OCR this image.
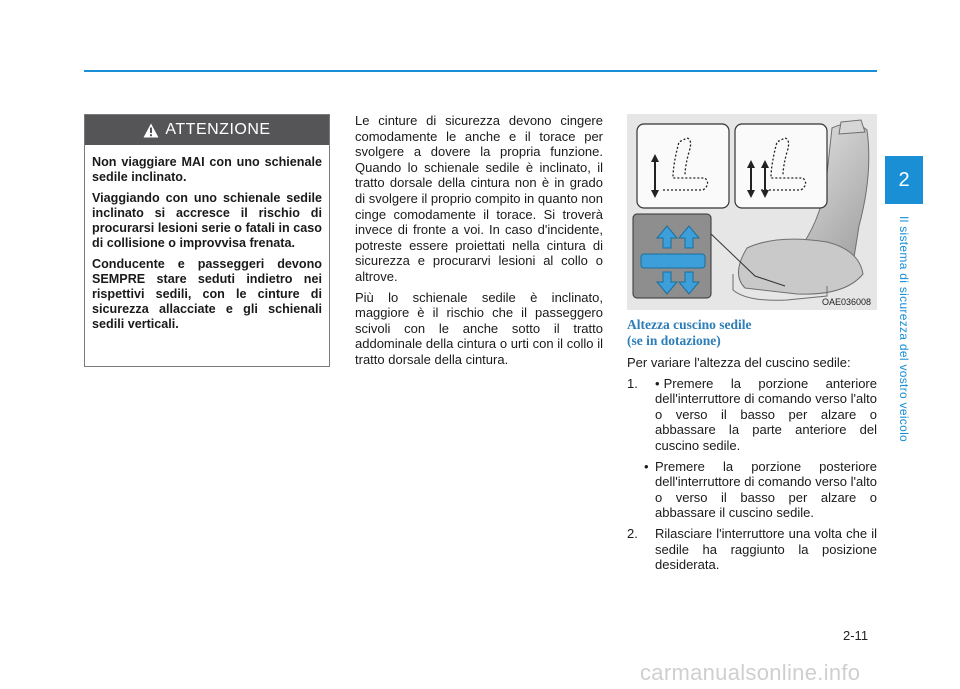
ATTENZIONE

Non viaggiare MAI con uno schienale sedile inclinato.

Viaggiando con uno schienale sedile inclinato si accresce il rischio di procurarsi lesioni serie o fatali in caso di collisione o improvvisa frenata.

Conducente e passeggeri devono SEMPRE stare seduti indietro nei rispettivi sedili, con le cinture di sicurezza allacciate e gli schienali sedili verticali.

Le cinture di sicurezza devono cingere comodamente le anche e il torace per svolgere a dovere la propria funzione. Quando lo schienale sedile è inclinato, il tratto dorsale della cintura non è in grado di svolgere il proprio compito in quanto non cinge comodamente il torace. Si troverà invece di fronte a voi. In caso d'incidente, potreste essere proiettati nella cintura di sicurezza e procurarvi lesioni al collo o altrove.

Più lo schienale sedile è inclinato, maggiore è il rischio che il passeggero scivoli con le anche sotto il tratto addominale della cintura o urti con il collo il tratto dorsale della cintura.

OAE036008
Altezza cuscino sedile
(se in dotazione)

Per variare l'altezza del cuscino sedile:

1. • Premere la porzione anteriore dell'interruttore di comando verso l'alto o verso il basso per alzare o abbassare la parte anteriore del cuscino sedile.
• Premere la porzione posteriore dell'interruttore di comando verso l'alto o verso il basso per alzare o abbassare il cuscino sedile.
2. Rilasciare l'interruttore una volta che il sedile ha raggiunto la posizione desiderata.
2
Il sistema di sicurezza del vostro veicolo
2-11
carmanualsonline.info
